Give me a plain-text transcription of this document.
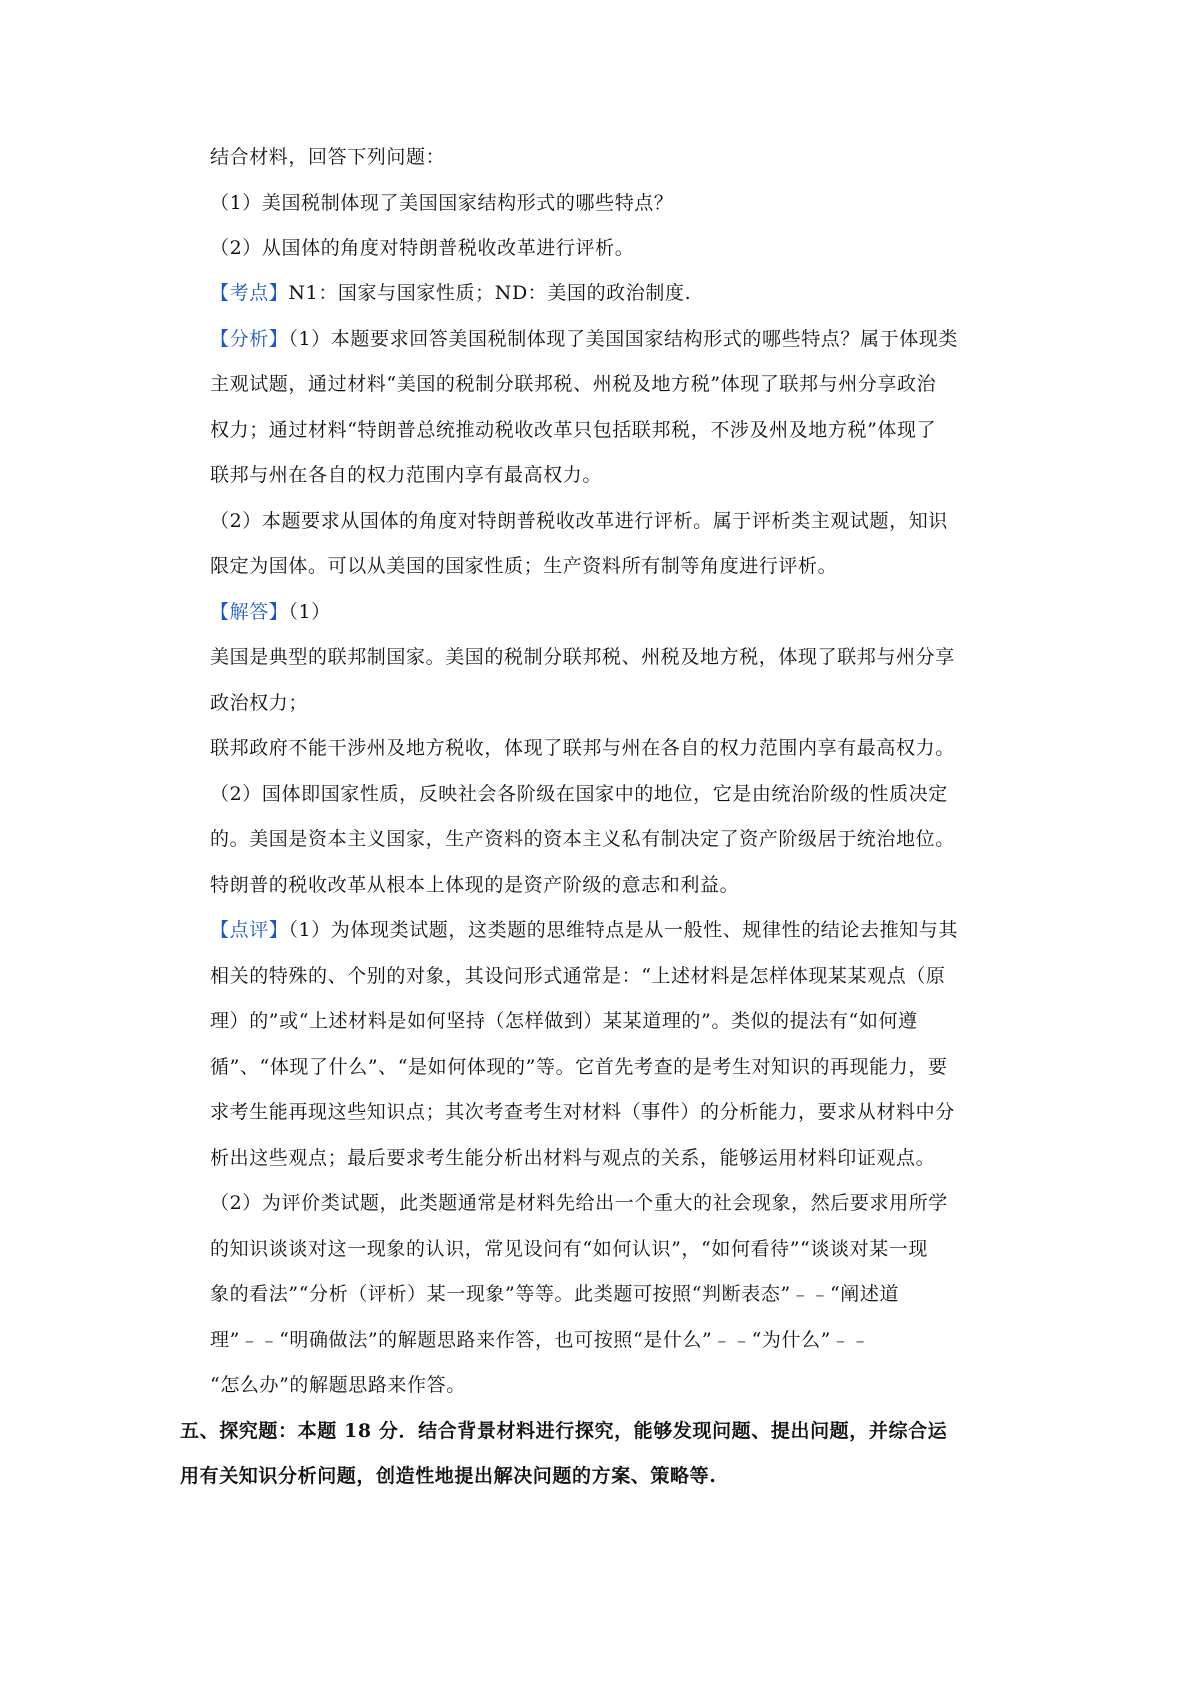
结合材料，回答下列问题：
（1）美国税制体现了美国国家结构形式的哪些特点？
（2）从国体的角度对特朗普税收改革进行评析。
【考点】N1：国家与国家性质；ND：美国的政治制度.
【分析】（1）本题要求回答美国税制体现了美国国家结构形式的哪些特点？属于体现类
主观试题，通过材料“美国的税制分联邦税、州税及地方税”体现了联邦与州分享政治
权力；通过材料“特朗普总统推动税收改革只包括联邦税，不涉及州及地方税”体现了
联邦与州在各自的权力范围内享有最高权力。
（2）本题要求从国体的角度对特朗普税收改革进行评析。属于评析类主观试题，知识
限定为国体。可以从美国的国家性质；生产资料所有制等角度进行评析。
【解答】（1）
美国是典型的联邦制国家。美国的税制分联邦税、州税及地方税，体现了联邦与州分享
政治权力；
联邦政府不能干涉州及地方税收，体现了联邦与州在各自的权力范围内享有最高权力。
（2）国体即国家性质，反映社会各阶级在国家中的地位，它是由统治阶级的性质决定
的。美国是资本主义国家，生产资料的资本主义私有制决定了资产阶级居于统治地位。
特朗普的税收改革从根本上体现的是资产阶级的意志和利益。
【点评】（1）为体现类试题，这类题的思维特点是从一般性、规律性的结论去推知与其
相关的特殊的、个别的对象，其设问形式通常是：“上述材料是怎样体现某某观点（原
理）的”或“上述材料是如何坚持（怎样做到）某某道理的”。类似的提法有“如何遵
循”、“体现了什么”、“是如何体现的”等。它首先考查的是考生对知识的再现能力，要
求考生能再现这些知识点；其次考查考生对材料（事件）的分析能力，要求从材料中分
析出这些观点；最后要求考生能分析出材料与观点的关系，能够运用材料印证观点。
（2）为评价类试题，此类题通常是材料先给出一个重大的社会现象，然后要求用所学
的知识谈谈对这一现象的认识，常见设问有“如何认识”，“如何看待”“谈谈对某一现
象的看法”“分析（评析）某一现象”等等。此类题可按照“判断表态”﹣﹣“阐述道
理”﹣﹣“明确做法”的解题思路来作答，也可按照“是什么”﹣﹣“为什么”﹣﹣
“怎么办”的解题思路来作答。
五、探究题：本题 18 分．结合背景材料进行探究，能够发现问题、提出问题，并综合运
用有关知识分析问题，创造性地提出解决问题的方案、策略等.
